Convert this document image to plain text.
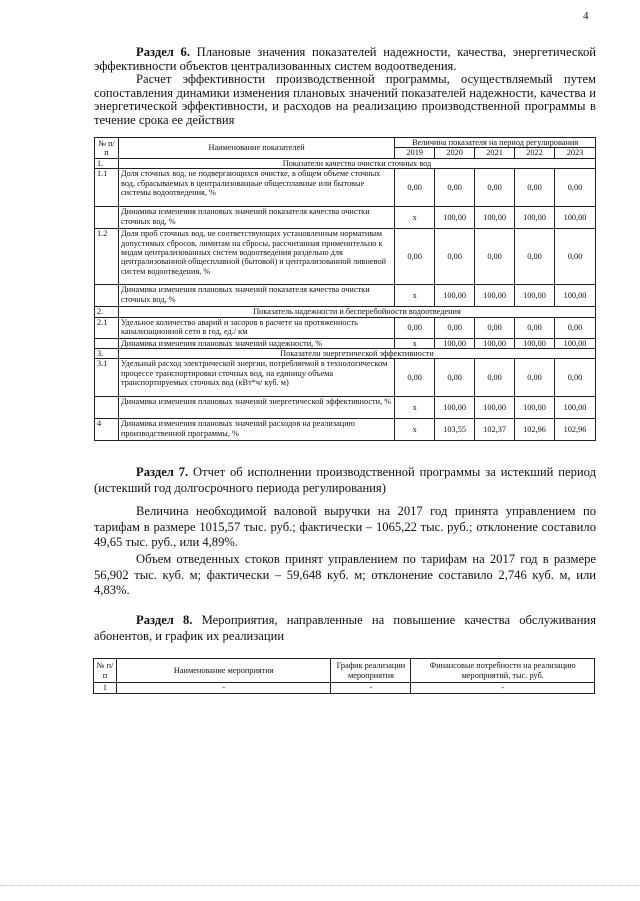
4
Раздел 6. Плановые значения показателей надежности, качества, энергетической эффективности объектов централизованных систем водоотведения.
Расчет эффективности производственной программы, осуществляемый путем сопоставления динамики изменения плановых значений показателей надежности, качества и энергетической эффективности, и расходов на реализацию производственной программы в течение срока ее действия
№ п/п	Наименование показателей	Величина показателя на период регулирования				
		2019	2020	2021	2022	2023
1.	Показатели качества очистки сточных вод					
1.1	Доля сточных вод, не подвергающихся очистке, в общем объеме сточных вод, сбрасываемых в централизованные общесплавные или бытовые системы водоотведения, %	0,00	0,00	0,00	0,00	0,00
	Динамика изменения плановых значений показателя качества очистки сточных вод, %	х	100,00	100,00	100,00	100,00
1.2	Доля проб сточных вод, не соответствующих установленным нормативам допустимых сбросов, лимитам на сбросы, рассчитанная применительно к видам централизованных систем водоотведения раздельно для централизованной общесплавной (бытовой) и централизованной ливневой систем водоотведения, %	0,00	0,00	0,00	0,00	0,00
	Динамика изменения плановых значений показателя качества очистки сточных вод, %	х	100,00	100,00	100,00	100,00
2.	Показатель надежности и бесперебойности водоотведения					
2.1	Удельное количество аварий и засоров в расчете на протяженность канализационной сети в год, ед./ км	0,00	0,00	0,00	0,00	0,00
	Динамика изменения плановых значений надежности, %	х	100,00	100,00	100,00	100,00
3.	Показатели энергетической эффективности					
3.1	Удельный расход электрической энергии, потребляемой в технологическом процессе транспортировки сточных вод, на единицу объема транспортируемых сточных вод (кВт*ч/ куб. м)	0,00	0,00	0,00	0,00	0,00
	Динамика изменения плановых значений энергетической эффективности, %	х	100,00	100,00	100,00	100,00
4	Динамика изменения плановых значений расходов на реализацию производственной программы, %	х	103,55	102,37	102,96	102,96
Раздел 7. Отчет об исполнении производственной программы за истекший период (истекший год долгосрочного периода регулирования)
Величина необходимой валовой выручки на 2017 год принята управлением по тарифам в размере 1015,57 тыс. руб.; фактически – 1065,22 тыс. руб.; отклонение составило 49,65 тыс. руб., или 4,89%.
Объем отведенных стоков принят управлением по тарифам на 2017 год в размере 56,902 тыс. куб. м; фактически – 59,648 куб. м; отклонение составило 2,746 куб. м, или 4,83%.
Раздел 8. Мероприятия, направленные на повышение качества обслуживания абонентов, и график их реализации
№ п/п	Наименование мероприятия	График реализации мероприятия	Финансовые потребности на реализацию мероприятий, тыс. руб.
1	-	-	-
